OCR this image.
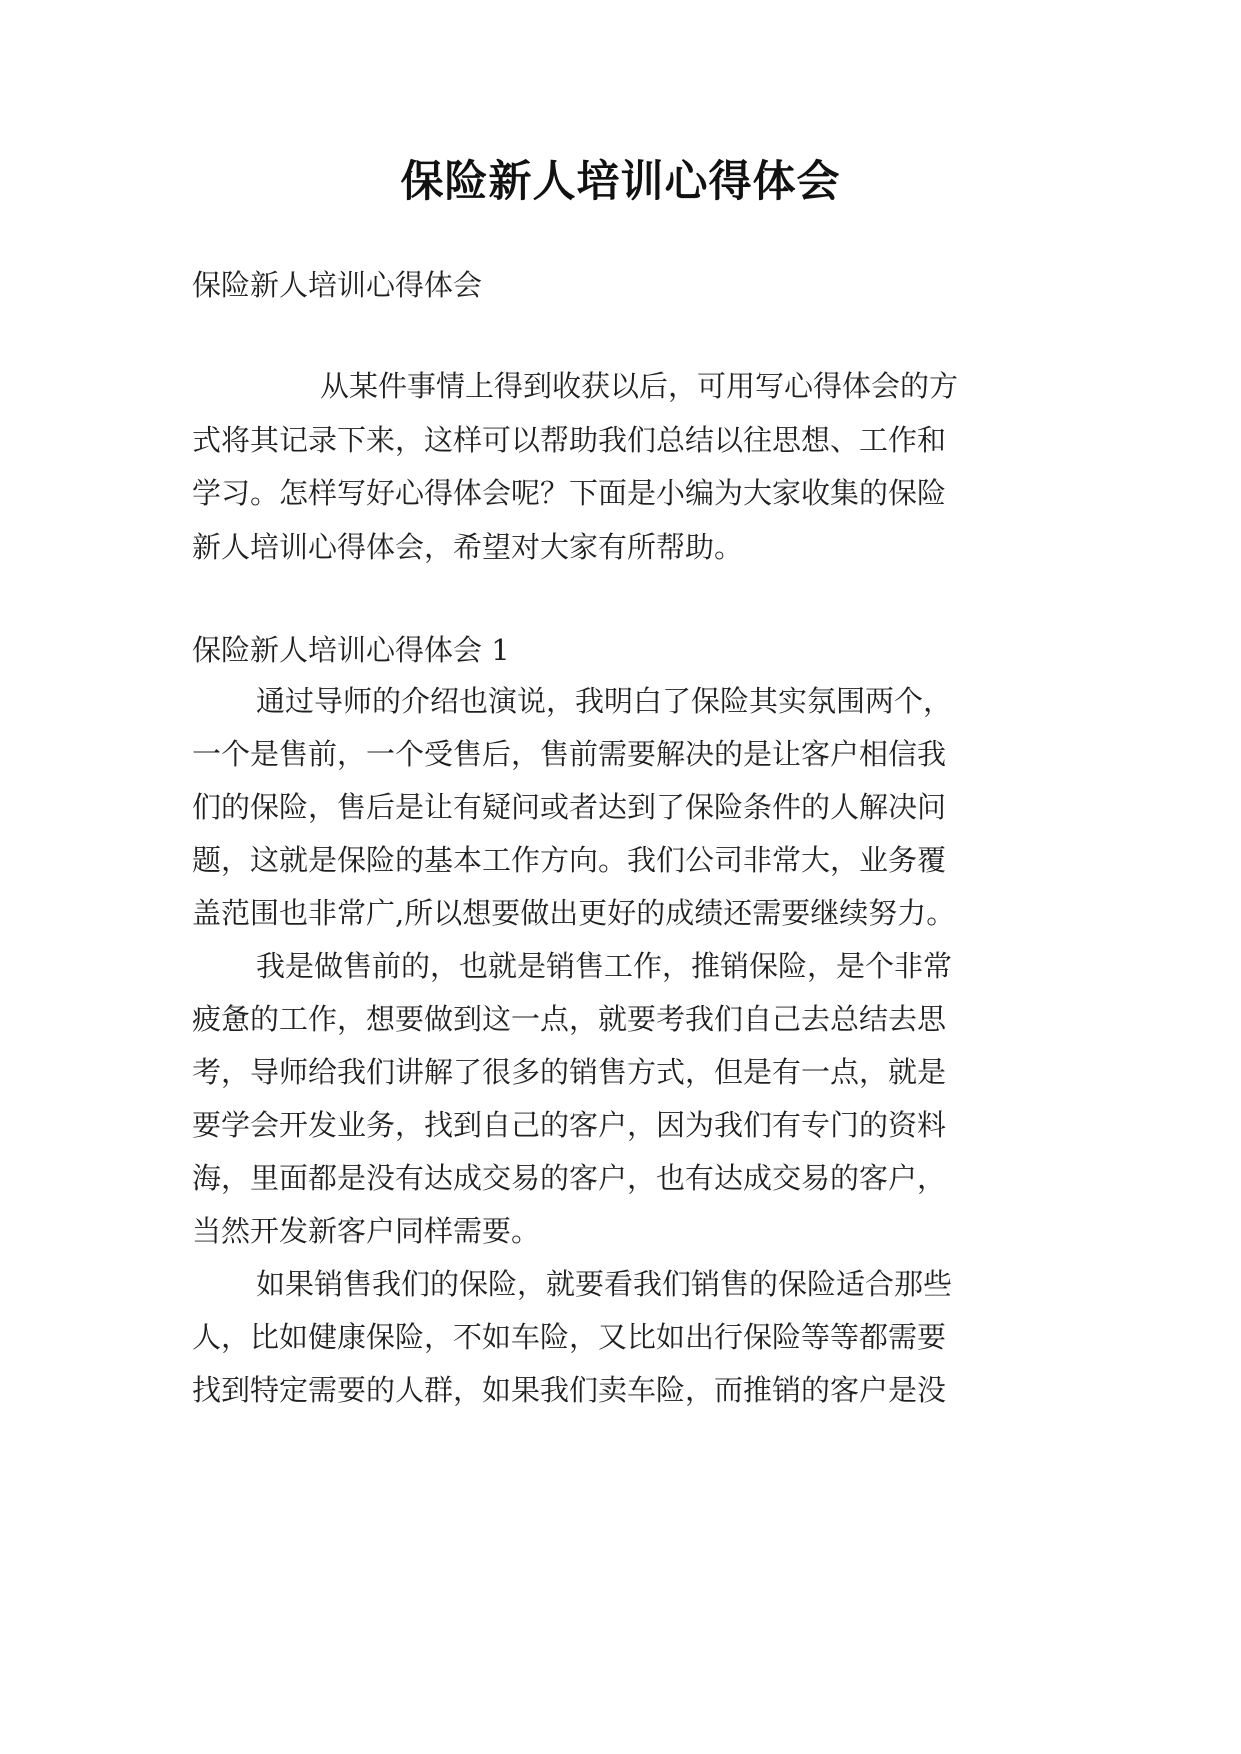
保险新人培训心得体会

保险新人培训心得体会

从某件事情上得到收获以后，可用写心得体会的方

式将其记录下来，这样可以帮助我们总结以往思想、工作和

学习。怎样写好心得体会呢？下面是小编为大家收集的保险

新人培训心得体会，希望对大家有所帮助。

保险新人培训心得体会 1

通过导师的介绍也演说，我明白了保险其实氛围两个，

一个是售前，一个受售后，售前需要解决的是让客户相信我

们的保险，售后是让有疑问或者达到了保险条件的人解决问

题，这就是保险的基本工作方向。我们公司非常大，业务覆

盖范围也非常广,所以想要做出更好的成绩还需要继续努力。

我是做售前的，也就是销售工作，推销保险，是个非常

疲惫的工作，想要做到这一点，就要考我们自己去总结去思

考，导师给我们讲解了很多的销售方式，但是有一点，就是

要学会开发业务，找到自己的客户，因为我们有专门的资料

海，里面都是没有达成交易的客户，也有达成交易的客户，

当然开发新客户同样需要。

如果销售我们的保险，就要看我们销售的保险适合那些

人，比如健康保险，不如车险，又比如出行保险等等都需要

找到特定需要的人群，如果我们卖车险，而推销的客户是没
